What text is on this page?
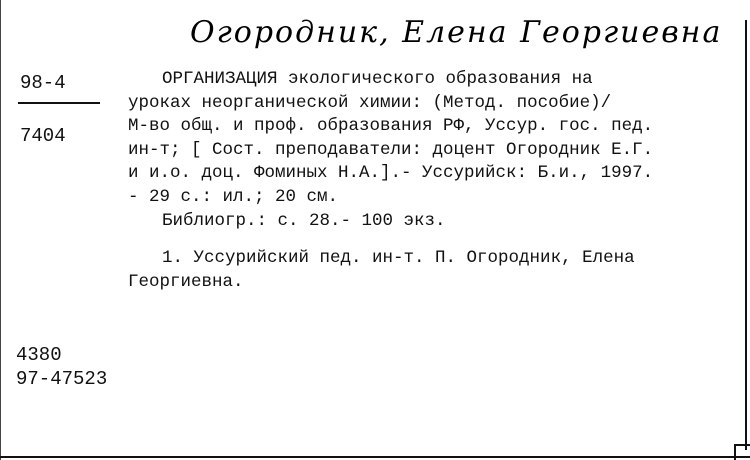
Огороднuк, Елена Георгиевна
98-4
7404

ОРГАНИЗАЦИЯ экологического образования на

уроках неорганической химии: (Метод. пособие)/

М-во общ. и проф. образования РФ, Уссур. гос. пед.

ин-т; [ Сост. преподаватели: доцент Огородник Е.Г.

и и.о. доц. Фоминых Н.А.].- Уссурийск: Б.и., 1997.

- 29 с.: ил.; 20 см.

Библиогр.: с. 28.- 100 экз.

1. Уссурийский пед. ин-т. П. Огородник, Елена

Георгиевна.

4380
97-47523
